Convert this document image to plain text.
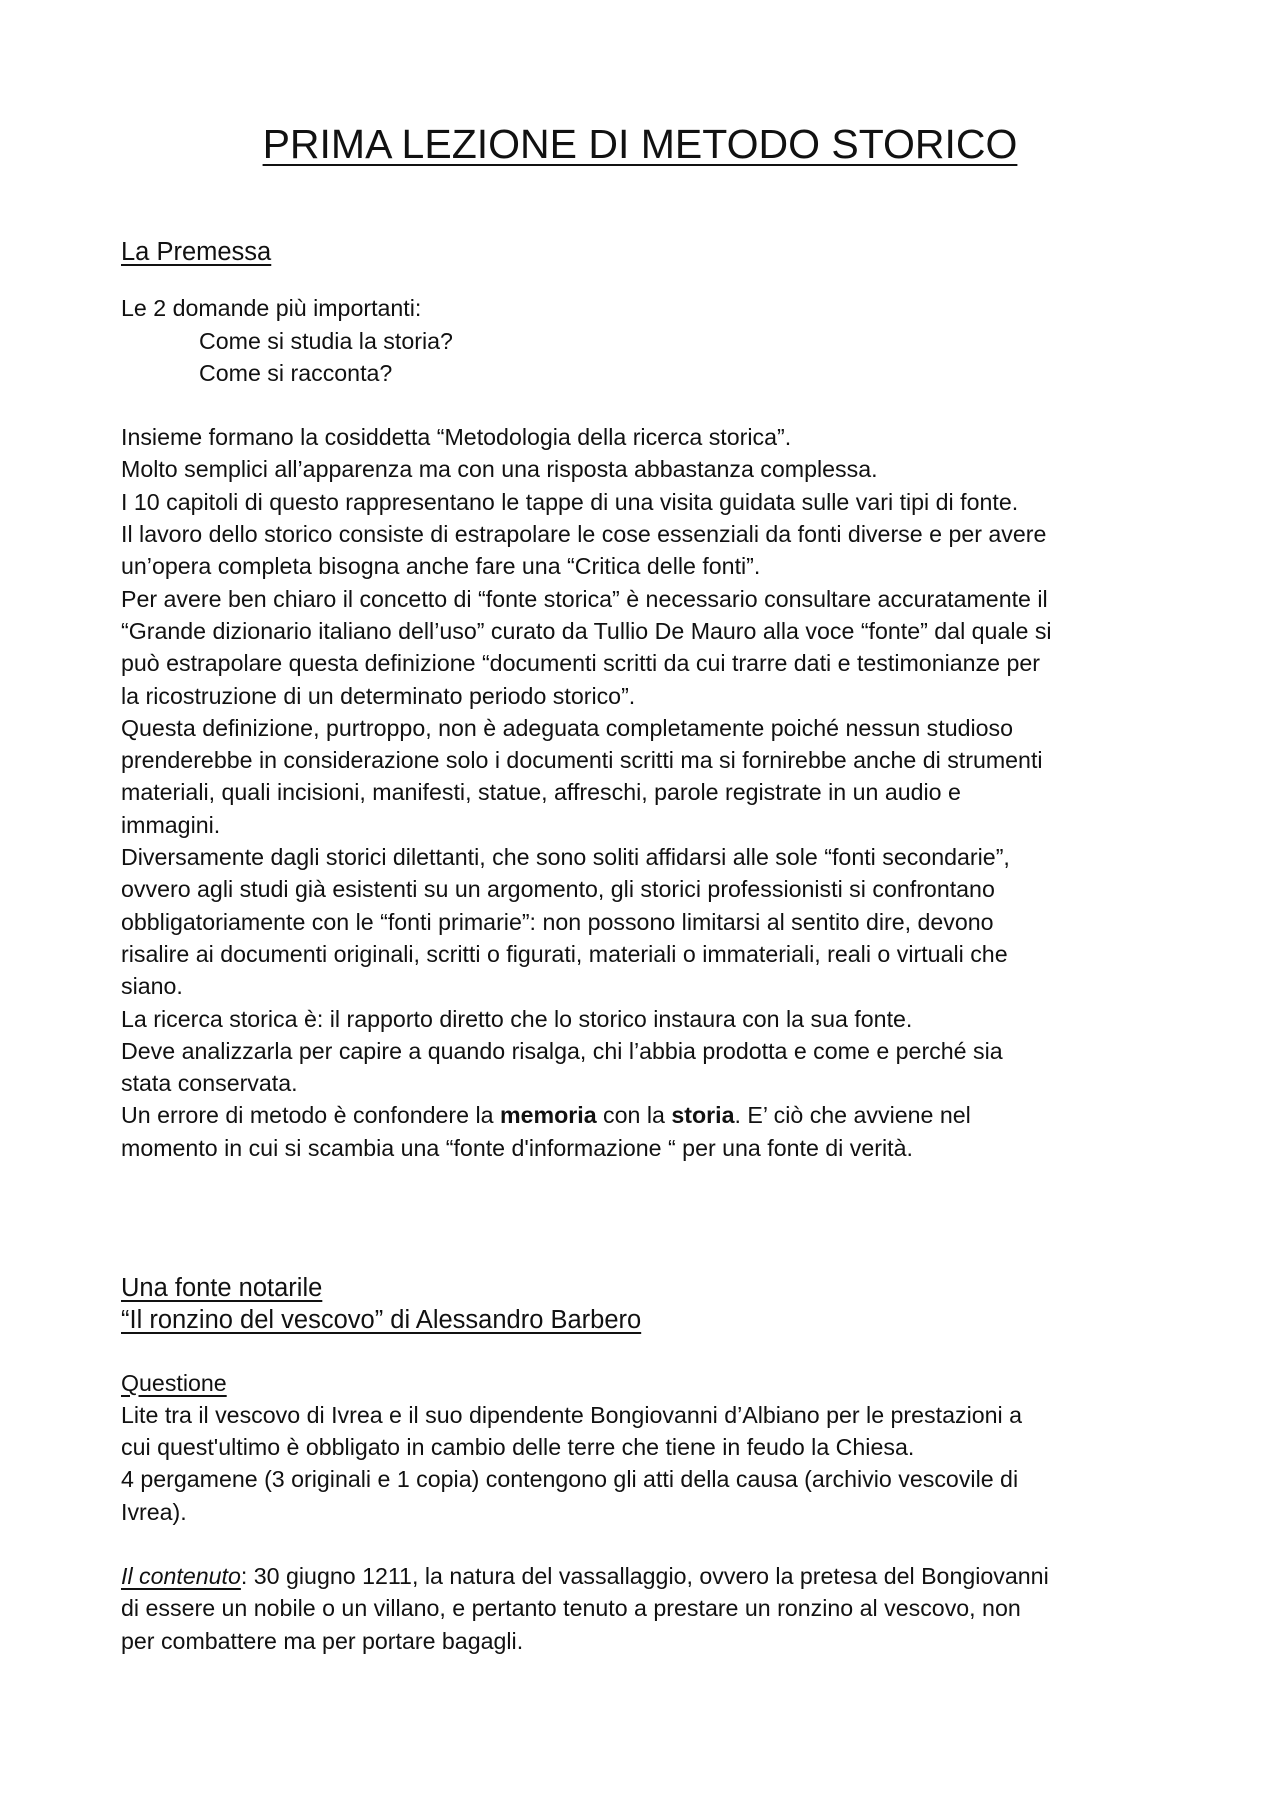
PRIMA LEZIONE DI METODO STORICO
La Premessa
Le 2 domande più importanti:
Come si studia la storia?
Come si racconta?
Insieme formano la cosiddetta “Metodologia della ricerca storica”.
Molto semplici all’apparenza ma con una risposta abbastanza complessa.
I 10 capitoli di questo rappresentano le tappe di una visita guidata sulle vari tipi di fonte.
Il lavoro dello storico consiste di estrapolare le cose essenziali da fonti diverse e per avere
un’opera completa bisogna anche fare una “Critica delle fonti”.
Per avere ben chiaro il concetto di “fonte storica” è necessario consultare accuratamente il
“Grande dizionario italiano dell’uso” curato da Tullio De Mauro alla voce “fonte” dal quale si
può estrapolare questa definizione “documenti scritti da cui trarre dati e testimonianze per
la ricostruzione di un determinato periodo storico”.
Questa definizione, purtroppo, non è adeguata completamente poiché nessun studioso
prenderebbe in considerazione solo i documenti scritti ma si fornirebbe anche di strumenti
materiali, quali incisioni, manifesti, statue, affreschi, parole registrate in un audio e
immagini.
Diversamente dagli storici dilettanti, che sono soliti affidarsi alle sole “fonti secondarie”,
ovvero agli studi già esistenti su un argomento, gli storici professionisti si confrontano
obbligatoriamente con le “fonti primarie”: non possono limitarsi al sentito dire, devono
risalire ai documenti originali, scritti o figurati, materiali o immateriali, reali o virtuali che
siano.
La ricerca storica è: il rapporto diretto che lo storico instaura con la sua fonte.
Deve analizzarla per capire a quando risalga, chi l’abbia prodotta e come e perché sia
stata conservata.
Un errore di metodo è confondere la memoria con la storia. E’ ciò che avviene nel
momento in cui si scambia una “fonte d'informazione “ per una fonte di verità.
Una fonte notarile
“Il ronzino del vescovo” di Alessandro Barbero
Questione
Lite tra il vescovo di Ivrea e il suo dipendente Bongiovanni d’Albiano per le prestazioni a
cui quest'ultimo è obbligato in cambio delle terre che tiene in feudo la Chiesa.
4 pergamene (3 originali e 1 copia) contengono gli atti della causa (archivio vescovile di
Ivrea).
Il contenuto: 30 giugno 1211, la natura del vassallaggio, ovvero la pretesa del Bongiovanni
di essere un nobile o un villano, e pertanto tenuto a prestare un ronzino al vescovo, non
per combattere ma per portare bagagli.
